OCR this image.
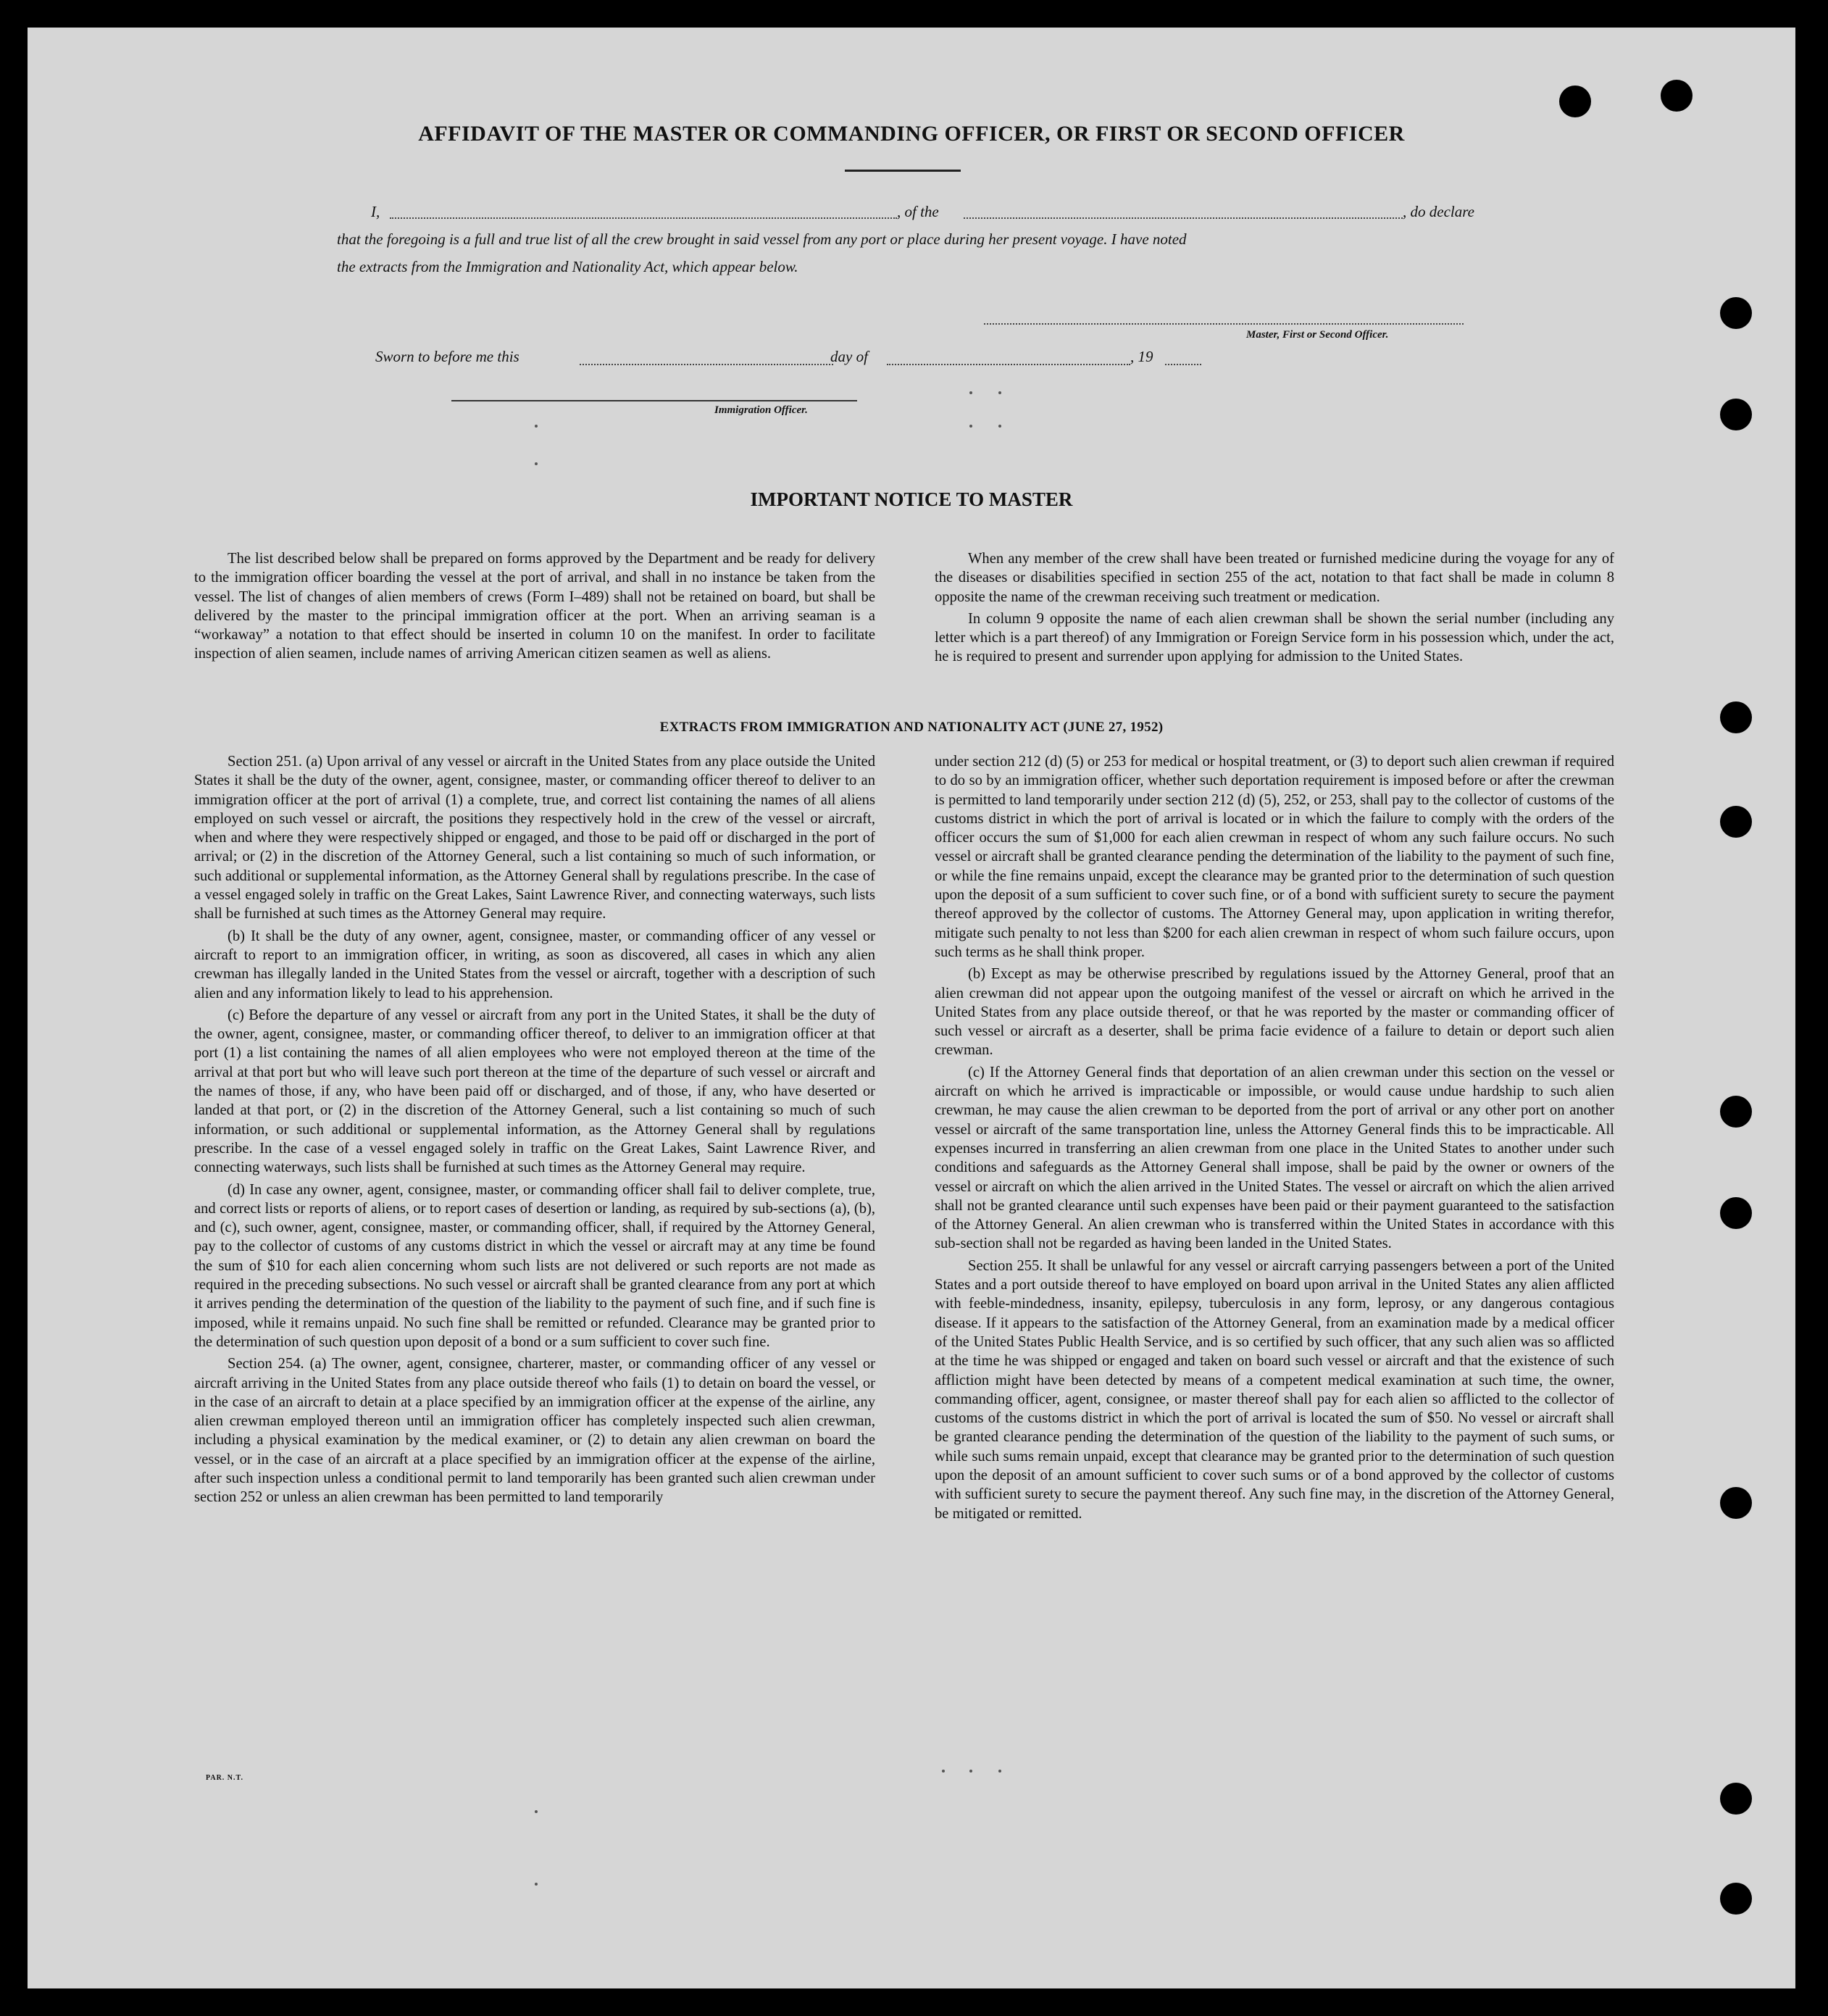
AFFIDAVIT OF THE MASTER OR COMMANDING OFFICER, OR FIRST OR SECOND OFFICER
I,	, of the	, do declare
that the foregoing is a full and true list of all the crew brought in said vessel from any port or place during her present voyage. I have noted
the extracts from the Immigration and Nationality Act, which appear below.
Master, First or Second Officer.
Sworn to before me this	day of	, 19
Immigration Officer.
IMPORTANT NOTICE TO MASTER

The list described below shall be prepared on forms approved by the Department and be ready for delivery to the immigration officer boarding the vessel at the port of arrival, and shall in no instance be taken from the vessel. The list of changes of alien members of crews (Form I–489) shall not be retained on board, but shall be delivered by the master to the principal immigration officer at the port. When an arriving seaman is a “workaway” a notation to that effect should be inserted in column 10 on the manifest. In order to facilitate inspection of alien seamen, include names of arriving American citizen seamen as well as aliens.

When any member of the crew shall have been treated or furnished medicine during the voyage for any of the diseases or disabilities specified in section 255 of the act, notation to that fact shall be made in column 8 opposite the name of the crewman receiving such treatment or medication.

In column 9 opposite the name of each alien crewman shall be shown the serial number (including any letter which is a part thereof) of any Immigration or Foreign Service form in his possession which, under the act, he is required to present and surrender upon applying for admission to the United States.

EXTRACTS FROM IMMIGRATION AND NATIONALITY ACT (JUNE 27, 1952)

Section 251. (a) Upon arrival of any vessel or aircraft in the United States from any place outside the United States it shall be the duty of the owner, agent, consignee, master, or commanding officer thereof to deliver to an immigration officer at the port of arrival (1) a complete, true, and correct list containing the names of all aliens employed on such vessel or aircraft, the positions they respectively hold in the crew of the vessel or aircraft, when and where they were respectively shipped or engaged, and those to be paid off or discharged in the port of arrival; or (2) in the discretion of the Attorney General, such a list containing so much of such information, or such additional or supplemental information, as the Attorney General shall by regulations prescribe. In the case of a vessel engaged solely in traffic on the Great Lakes, Saint Lawrence River, and connecting waterways, such lists shall be furnished at such times as the Attorney General may require.

(b) It shall be the duty of any owner, agent, consignee, master, or commanding officer of any vessel or aircraft to report to an immigration officer, in writing, as soon as discovered, all cases in which any alien crewman has illegally landed in the United States from the vessel or aircraft, together with a description of such alien and any information likely to lead to his apprehension.

(c) Before the departure of any vessel or aircraft from any port in the United States, it shall be the duty of the owner, agent, consignee, master, or commanding officer thereof, to deliver to an immigration officer at that port (1) a list containing the names of all alien employees who were not employed thereon at the time of the arrival at that port but who will leave such port thereon at the time of the departure of such vessel or aircraft and the names of those, if any, who have been paid off or discharged, and of those, if any, who have deserted or landed at that port, or (2) in the discretion of the Attorney General, such a list containing so much of such information, or such additional or supplemental information, as the Attorney General shall by regulations prescribe. In the case of a vessel engaged solely in traffic on the Great Lakes, Saint Lawrence River, and connecting waterways, such lists shall be furnished at such times as the Attorney General may require.

(d) In case any owner, agent, consignee, master, or commanding officer shall fail to deliver complete, true, and correct lists or reports of aliens, or to report cases of desertion or landing, as required by sub-sections (a), (b), and (c), such owner, agent, consignee, master, or commanding officer, shall, if required by the Attorney General, pay to the collector of customs of any customs district in which the vessel or aircraft may at any time be found the sum of $10 for each alien concerning whom such lists are not delivered or such reports are not made as required in the preceding subsections. No such vessel or aircraft shall be granted clearance from any port at which it arrives pending the determination of the question of the liability to the payment of such fine, and if such fine is imposed, while it remains unpaid. No such fine shall be remitted or refunded. Clearance may be granted prior to the determination of such question upon deposit of a bond or a sum sufficient to cover such fine.

Section 254. (a) The owner, agent, consignee, charterer, master, or commanding officer of any vessel or aircraft arriving in the United States from any place outside thereof who fails (1) to detain on board the vessel, or in the case of an aircraft to detain at a place specified by an immigration officer at the expense of the airline, any alien crewman employed thereon until an immigration officer has completely inspected such alien crewman, including a physical examination by the medical examiner, or (2) to detain any alien crewman on board the vessel, or in the case of an aircraft at a place specified by an immigration officer at the expense of the airline, after such inspection unless a conditional permit to land temporarily has been granted such alien crewman under section 252 or unless an alien crewman has been permitted to land temporarily

under section 212 (d) (5) or 253 for medical or hospital treatment, or (3) to deport such alien crewman if required to do so by an immigration officer, whether such deportation requirement is imposed before or after the crewman is permitted to land temporarily under section 212 (d) (5), 252, or 253, shall pay to the collector of customs of the customs district in which the port of arrival is located or in which the failure to comply with the orders of the officer occurs the sum of $1,000 for each alien crewman in respect of whom any such failure occurs. No such vessel or aircraft shall be granted clearance pending the determination of the liability to the payment of such fine, or while the fine remains unpaid, except the clearance may be granted prior to the determination of such question upon the deposit of a sum sufficient to cover such fine, or of a bond with sufficient surety to secure the payment thereof approved by the collector of customs. The Attorney General may, upon application in writing therefor, mitigate such penalty to not less than $200 for each alien crewman in respect of whom such failure occurs, upon such terms as he shall think proper.

(b) Except as may be otherwise prescribed by regulations issued by the Attorney General, proof that an alien crewman did not appear upon the outgoing manifest of the vessel or aircraft on which he arrived in the United States from any place outside thereof, or that he was reported by the master or commanding officer of such vessel or aircraft as a deserter, shall be prima facie evidence of a failure to detain or deport such alien crewman.

(c) If the Attorney General finds that deportation of an alien crewman under this section on the vessel or aircraft on which he arrived is impracticable or impossible, or would cause undue hardship to such alien crewman, he may cause the alien crewman to be deported from the port of arrival or any other port on another vessel or aircraft of the same transportation line, unless the Attorney General finds this to be impracticable. All expenses incurred in transferring an alien crewman from one place in the United States to another under such conditions and safeguards as the Attorney General shall impose, shall be paid by the owner or owners of the vessel or aircraft on which the alien arrived in the United States. The vessel or aircraft on which the alien arrived shall not be granted clearance until such expenses have been paid or their payment guaranteed to the satisfaction of the Attorney General. An alien crewman who is transferred within the United States in accordance with this sub-section shall not be regarded as having been landed in the United States.

Section 255. It shall be unlawful for any vessel or aircraft carrying passengers between a port of the United States and a port outside thereof to have employed on board upon arrival in the United States any alien afflicted with feeble-mindedness, insanity, epilepsy, tuberculosis in any form, leprosy, or any dangerous contagious disease. If it appears to the satisfaction of the Attorney General, from an examination made by a medical officer of the United States Public Health Service, and is so certified by such officer, that any such alien was so afflicted at the time he was shipped or engaged and taken on board such vessel or aircraft and that the existence of such affliction might have been detected by means of a competent medical examination at such time, the owner, commanding officer, agent, consignee, or master thereof shall pay for each alien so afflicted to the collector of customs of the customs district in which the port of arrival is located the sum of $50. No vessel or aircraft shall be granted clearance pending the determination of the question of the liability to the payment of such sums, or while such sums remain unpaid, except that clearance may be granted prior to the determination of such question upon the deposit of an amount sufficient to cover such sums or of a bond approved by the collector of customs with sufficient surety to secure the payment thereof. Any such fine may, in the discretion of the Attorney General, be mitigated or remitted.

PAR. N.T.
